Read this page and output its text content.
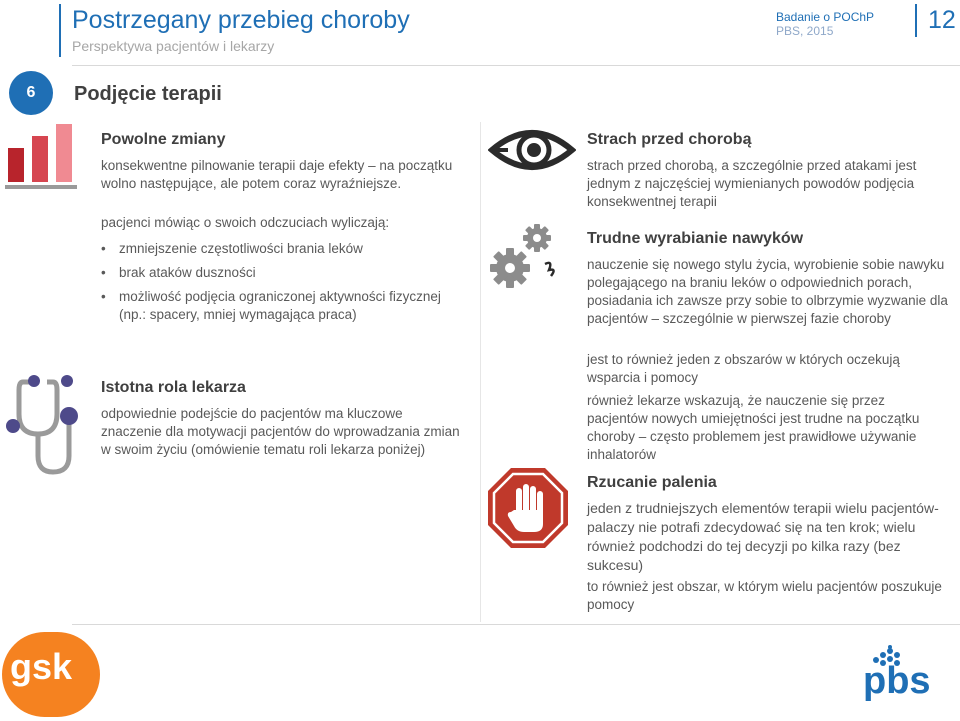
Postrzegany przebieg choroby
Perspektywa pacjentów i lekarzy
Badanie o POChP
PBS, 2015	12
6	Podjęcie terapii
Powolne zmiany
konsekwentne pilnowanie terapii daje efekty – na początku wolno następujące, ale potem coraz wyraźniejsze.
pacjenci mówiąc o swoich odczuciach wyliczają:
• zmniejszenie częstotliwości brania leków
• brak ataków duszności
• możliwość podjęcia ograniczonej aktywności fizycznej (np.: spacery, mniej wymagająca praca)
Istotna rola lekarza
odpowiednie podejście do pacjentów ma kluczowe znaczenie dla motywacji pacjentów do wprowadzania zmian w swoim życiu (omówienie tematu roli lekarza poniżej)
Strach przed chorobą
strach przed chorobą, a szczególnie przed atakami jest jednym z najczęściej wymienianych powodów podjęcia konsekwentnej terapii
Trudne wyrabianie nawyków
nauczenie się nowego stylu życia, wyrobienie sobie nawyku polegającego na braniu leków o odpowiednich porach, posiadania ich zawsze przy sobie to olbrzymie wyzwanie dla pacjentów – szczególnie w pierwszej fazie choroby
jest to również jeden z obszarów w których oczekują wsparcia i pomocy
również lekarze wskazują, że nauczenie się przez pacjentów nowych umiejętności jest trudne na początku choroby – często problemem jest prawidłowe używanie inhalatorów
Rzucanie palenia
jeden z trudniejszych elementów terapii wielu pacjentów-palaczy nie potrafi zdecydować się na ten krok; wielu również podchodzi do tej decyzji po kilka razy (bez sukcesu)
to również jest obszar, w którym wielu pacjentów poszukuje pomocy
gsk	pbs
